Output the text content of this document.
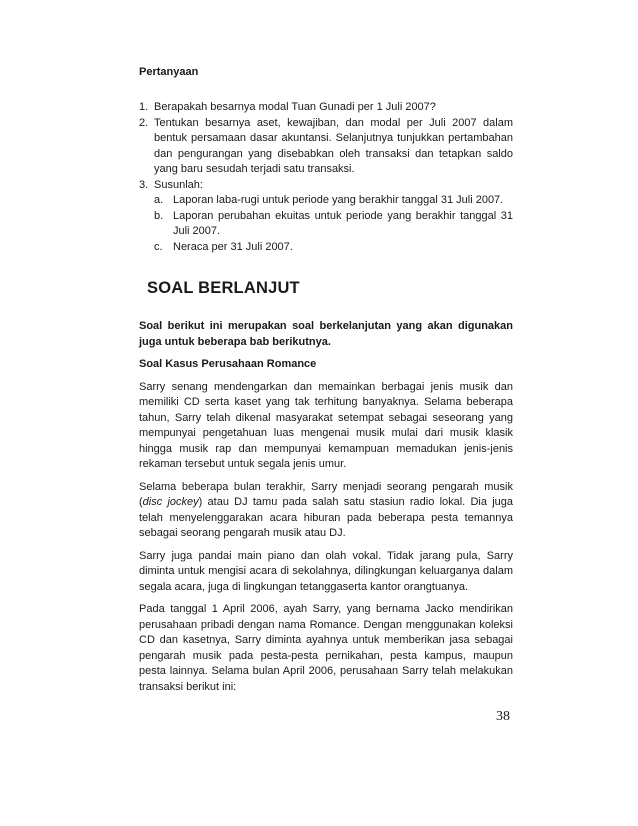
Pertanyaan
1. Berapakah besarnya modal Tuan Gunadi per 1 Juli 2007?
2. Tentukan besarnya aset, kewajiban, dan modal per Juli 2007 dalam bentuk persamaan dasar akuntansi. Selanjutnya tunjukkan pertambahan dan pengurangan yang disebabkan oleh transaksi dan tetapkan saldo yang baru sesudah terjadi satu transaksi.
3. Susunlah:
a. Laporan laba-rugi untuk periode yang berakhir tanggal 31 Juli 2007.
b. Laporan perubahan ekuitas untuk periode yang berakhir tanggal 31 Juli 2007.
c. Neraca per 31 Juli 2007.
SOAL BERLANJUT

Soal berikut ini merupakan soal berkelanjutan yang akan digunakan juga untuk beberapa bab berikutnya.

Soal Kasus Perusahaan Romance

Sarry senang mendengarkan dan memainkan berbagai jenis musik dan memiliki CD serta kaset yang tak terhitung banyaknya. Selama beberapa tahun, Sarry telah dikenal masyarakat setempat sebagai seseorang yang mempunyai pengetahuan luas mengenai musik mulai dari musik klasik hingga musik rap dan mempunyai kemampuan memadukan jenis-jenis rekaman tersebut untuk segala jenis umur.

Selama beberapa bulan terakhir, Sarry menjadi seorang pengarah musik (disc jockey) atau DJ tamu pada salah satu stasiun radio lokal. Dia juga telah menyelenggarakan acara hiburan pada beberapa pesta temannya sebagai seorang pengarah musik atau DJ.

Sarry juga pandai main piano dan olah vokal. Tidak jarang pula, Sarry diminta untuk mengisi acara di sekolahnya, dilingkungan keluarganya dalam segala acara, juga di lingkungan tetanggaserta kantor orangtuanya.

Pada tanggal 1 April 2006, ayah Sarry, yang bernama Jacko mendirikan perusahaan pribadi dengan nama Romance. Dengan menggunakan koleksi CD dan kasetnya, Sarry diminta ayahnya untuk memberikan jasa sebagai pengarah musik pada pesta-pesta pernikahan, pesta kampus, maupun pesta lainnya. Selama bulan April 2006, perusahaan Sarry telah melakukan transaksi berikut ini:

38
